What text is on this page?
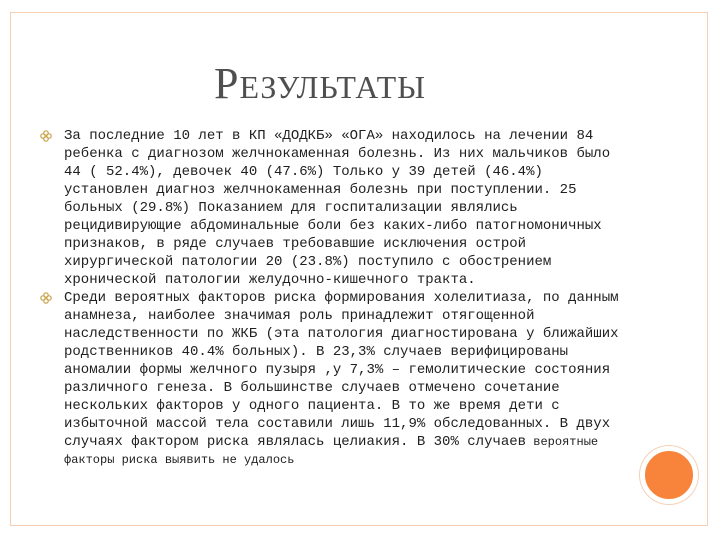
РЕЗУЛЬТАТЫ
За последние 10 лет в КП «ДОДКБ» «ОГА» находилось на лечении 84 ребенка с диагнозом желчнокаменная болезнь. Из них мальчиков было 44 ( 52.4%), девочек 40 (47.6%) Только у 39 детей (46.4%) установлен диагноз желчнокаменная болезнь при поступлении. 25 больных (29.8%) Показанием для госпитализации являлись рецидивирующие абдоминальные боли без каких-либо патогномоничных признаков, в ряде случаев требовавшие исключения острой хирургической патологии 20 (23.8%) поступило с обострением хронической патологии желудочно-кишечного тракта.
Среди вероятных факторов риска формирования холелитиаза, по данным анамнеза, наиболее значимая роль принадлежит отягощенной наследственности по ЖКБ (эта патология диагностирована у ближайших родственников 40.4% больных). В 23,3% случаев верифицированы аномалии формы желчного пузыря ,у 7,3% – гемолитические состояния различного генеза. В большинстве случаев отмечено сочетание нескольких факторов у одного пациента. В то же время дети с избыточной массой тела составили лишь 11,9% обследованных. В двух случаях фактором риска являлась целиакия. В 30% случаев вероятные факторы риска выявить не удалось
